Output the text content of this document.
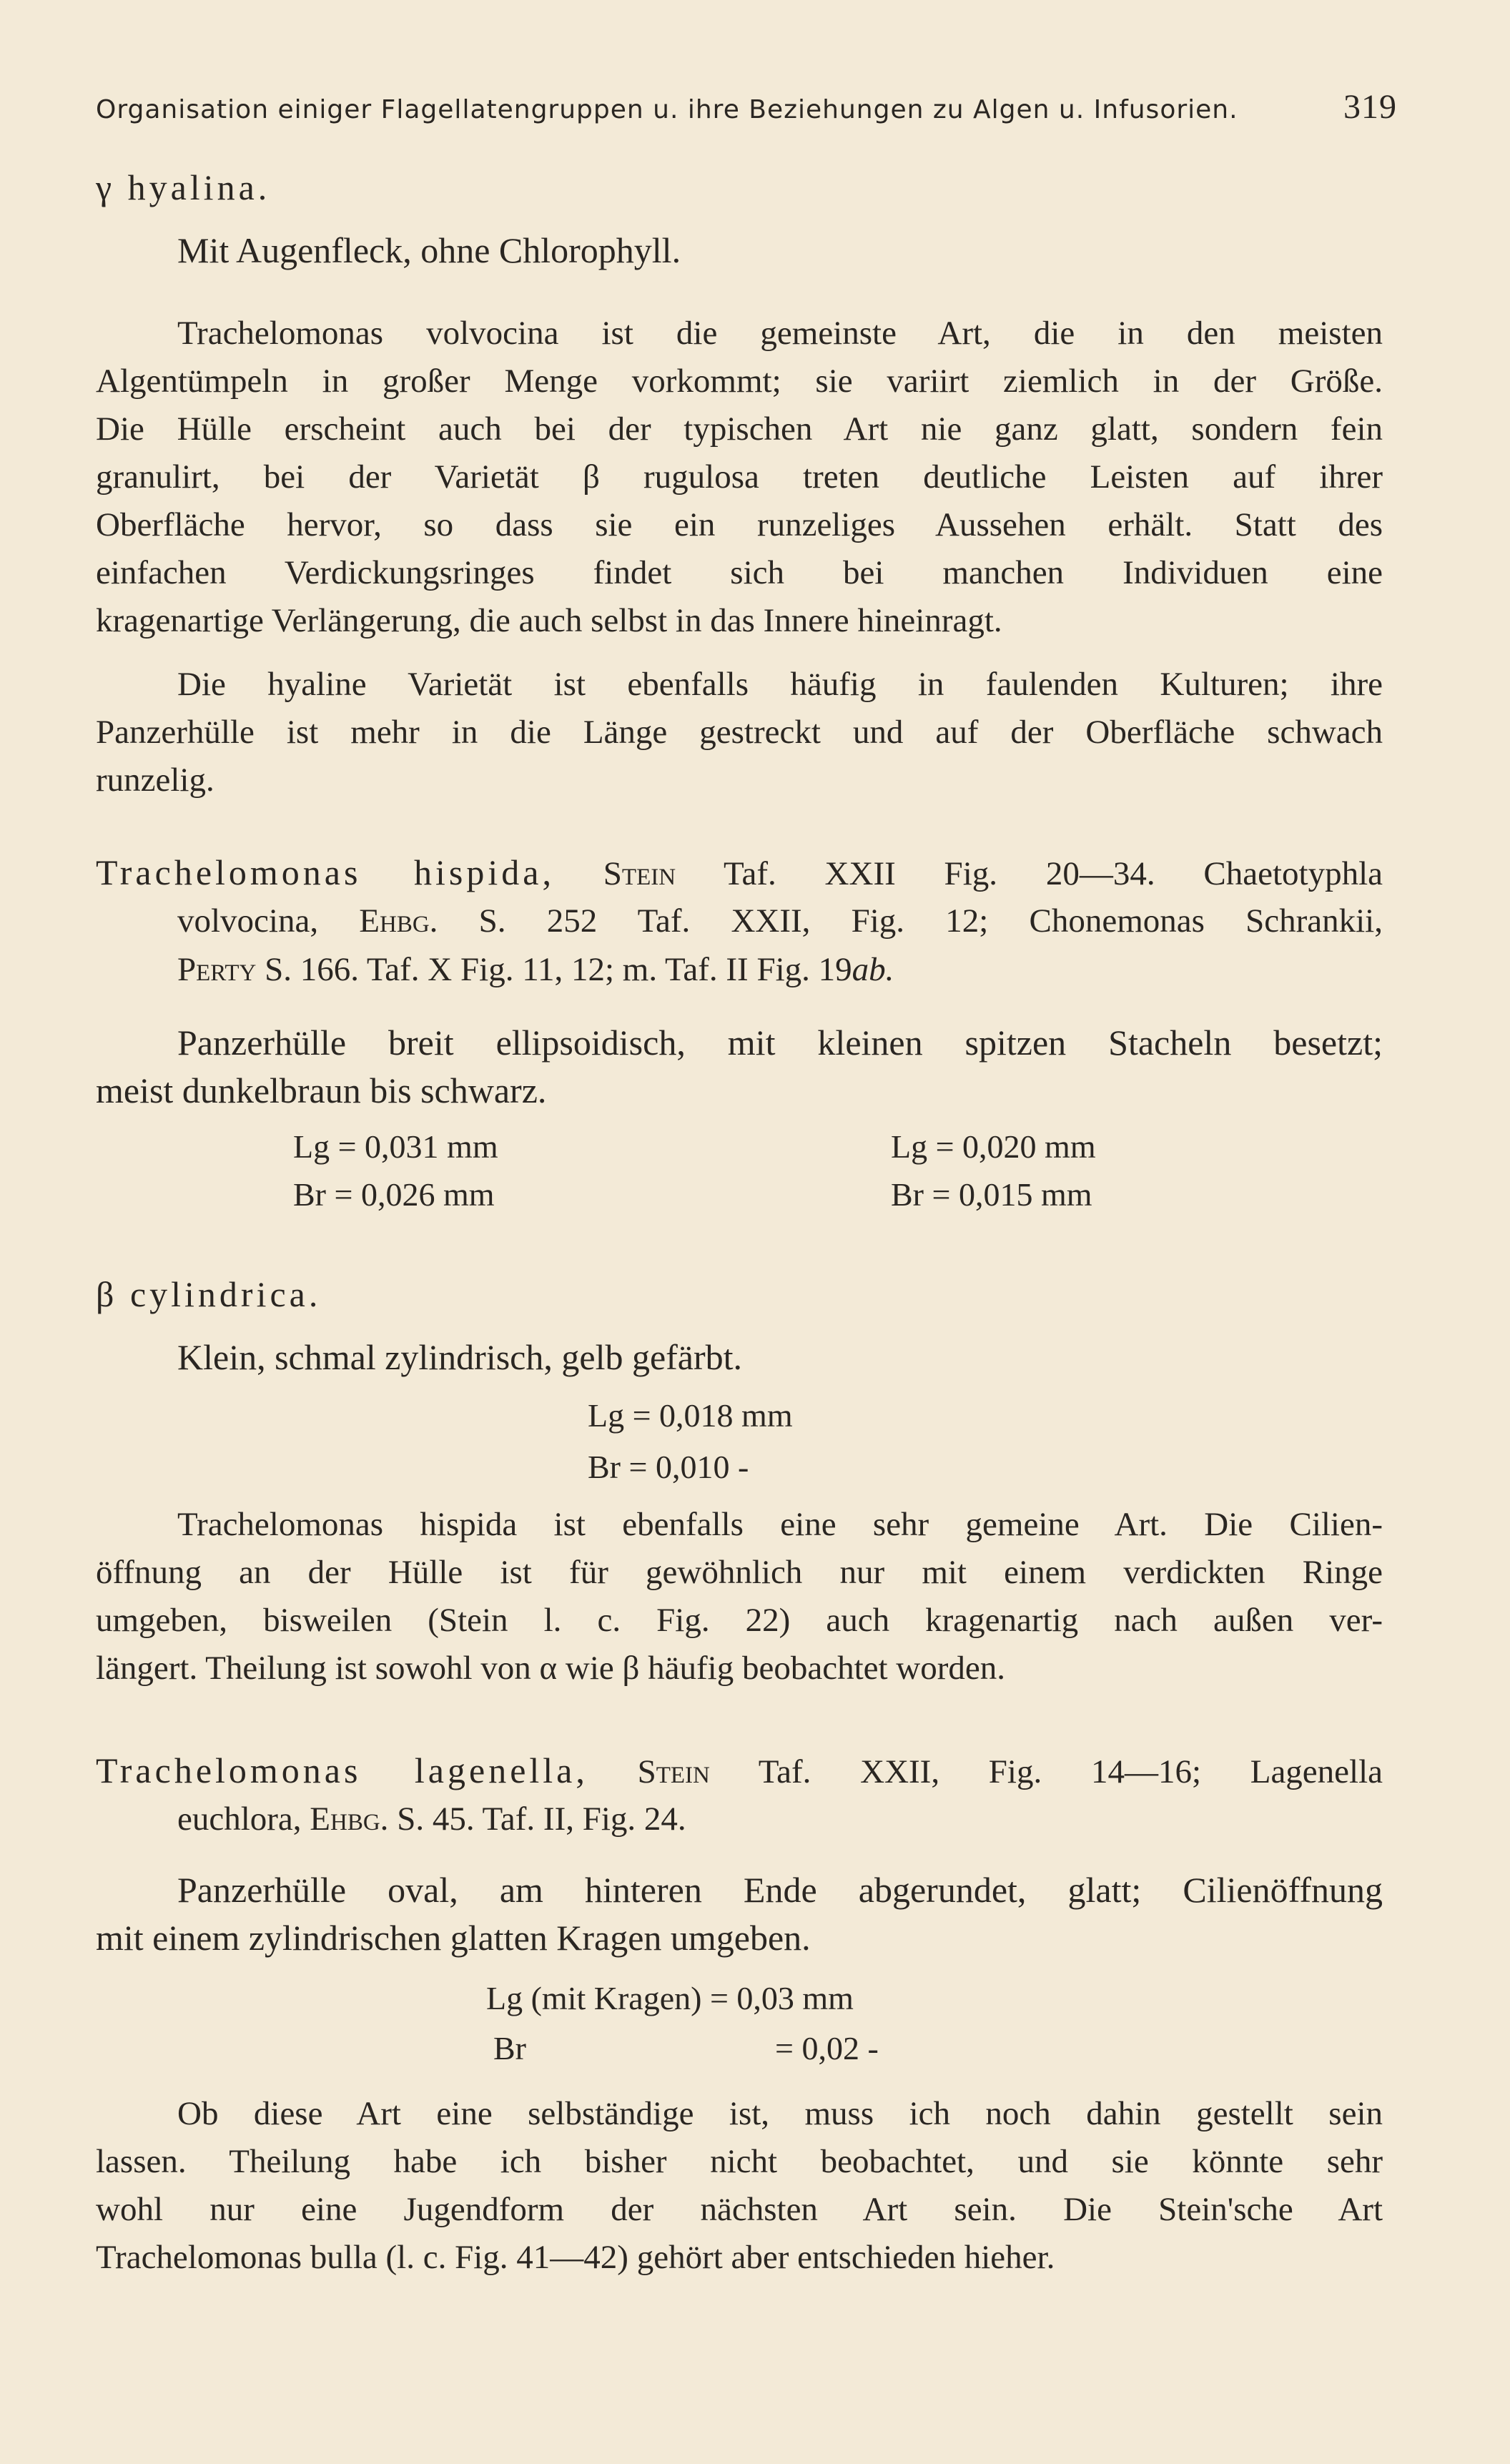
Organisation einiger Flagellatengruppen u. ihre Beziehungen zu Algen u. Infusorien.	319
γ hyalina.
Mit Augenfleck, ohne Chlorophyll.
Trachelomonas volvocina ist die gemeinste Art, die in den meisten
Algentümpeln in großer Menge vorkommt; sie variirt ziemlich in der Größe.
Die Hülle erscheint auch bei der typischen Art nie ganz glatt, sondern fein
granulirt, bei der Varietät β rugulosa treten deutliche Leisten auf ihrer
Oberfläche hervor, so dass sie ein runzeliges Aussehen erhält. Statt des
einfachen Verdickungsringes findet sich bei manchen Individuen eine
kragenartige Verlängerung, die auch selbst in das Innere hineinragt.
Die hyaline Varietät ist ebenfalls häufig in faulenden Kulturen; ihre
Panzerhülle ist mehr in die Länge gestreckt und auf der Oberfläche schwach
runzelig.
Trachelomonas hispida, Stein Taf. XXII Fig. 20—34. Chaetotyphla
volvocina, Ehbg. S. 252 Taf. XXII, Fig. 12; Chonemonas Schrankii,
Perty S. 166. Taf. X Fig. 11, 12; m. Taf. II Fig. 19ab.
Panzerhülle breit ellipsoidisch, mit kleinen spitzen Stacheln besetzt;
meist dunkelbraun bis schwarz.
Lg = 0,031 mm
Br = 0,026 mm
Lg = 0,020 mm
Br = 0,015 mm
β cylindrica.
Klein, schmal zylindrisch, gelb gefärbt.
Lg = 0,018 mm
Br = 0,010 -
Trachelomonas hispida ist ebenfalls eine sehr gemeine Art. Die Cilien-
öffnung an der Hülle ist für gewöhnlich nur mit einem verdickten Ringe
umgeben, bisweilen (Stein l. c. Fig. 22) auch kragenartig nach außen ver-
längert. Theilung ist sowohl von α wie β häufig beobachtet worden.
Trachelomonas lagenella, Stein Taf. XXII, Fig. 14—16; Lagenella
euchlora, Ehbg. S. 45. Taf. II, Fig. 24.
Panzerhülle oval, am hinteren Ende abgerundet, glatt; Cilienöffnung
mit einem zylindrischen glatten Kragen umgeben.
Lg (mit Kragen) = 0,03 mm
Br	= 0,02 -
Ob diese Art eine selbständige ist, muss ich noch dahin gestellt sein
lassen. Theilung habe ich bisher nicht beobachtet, und sie könnte sehr
wohl nur eine Jugendform der nächsten Art sein. Die Stein'sche Art
Trachelomonas bulla (l. c. Fig. 41—42) gehört aber entschieden hieher.
